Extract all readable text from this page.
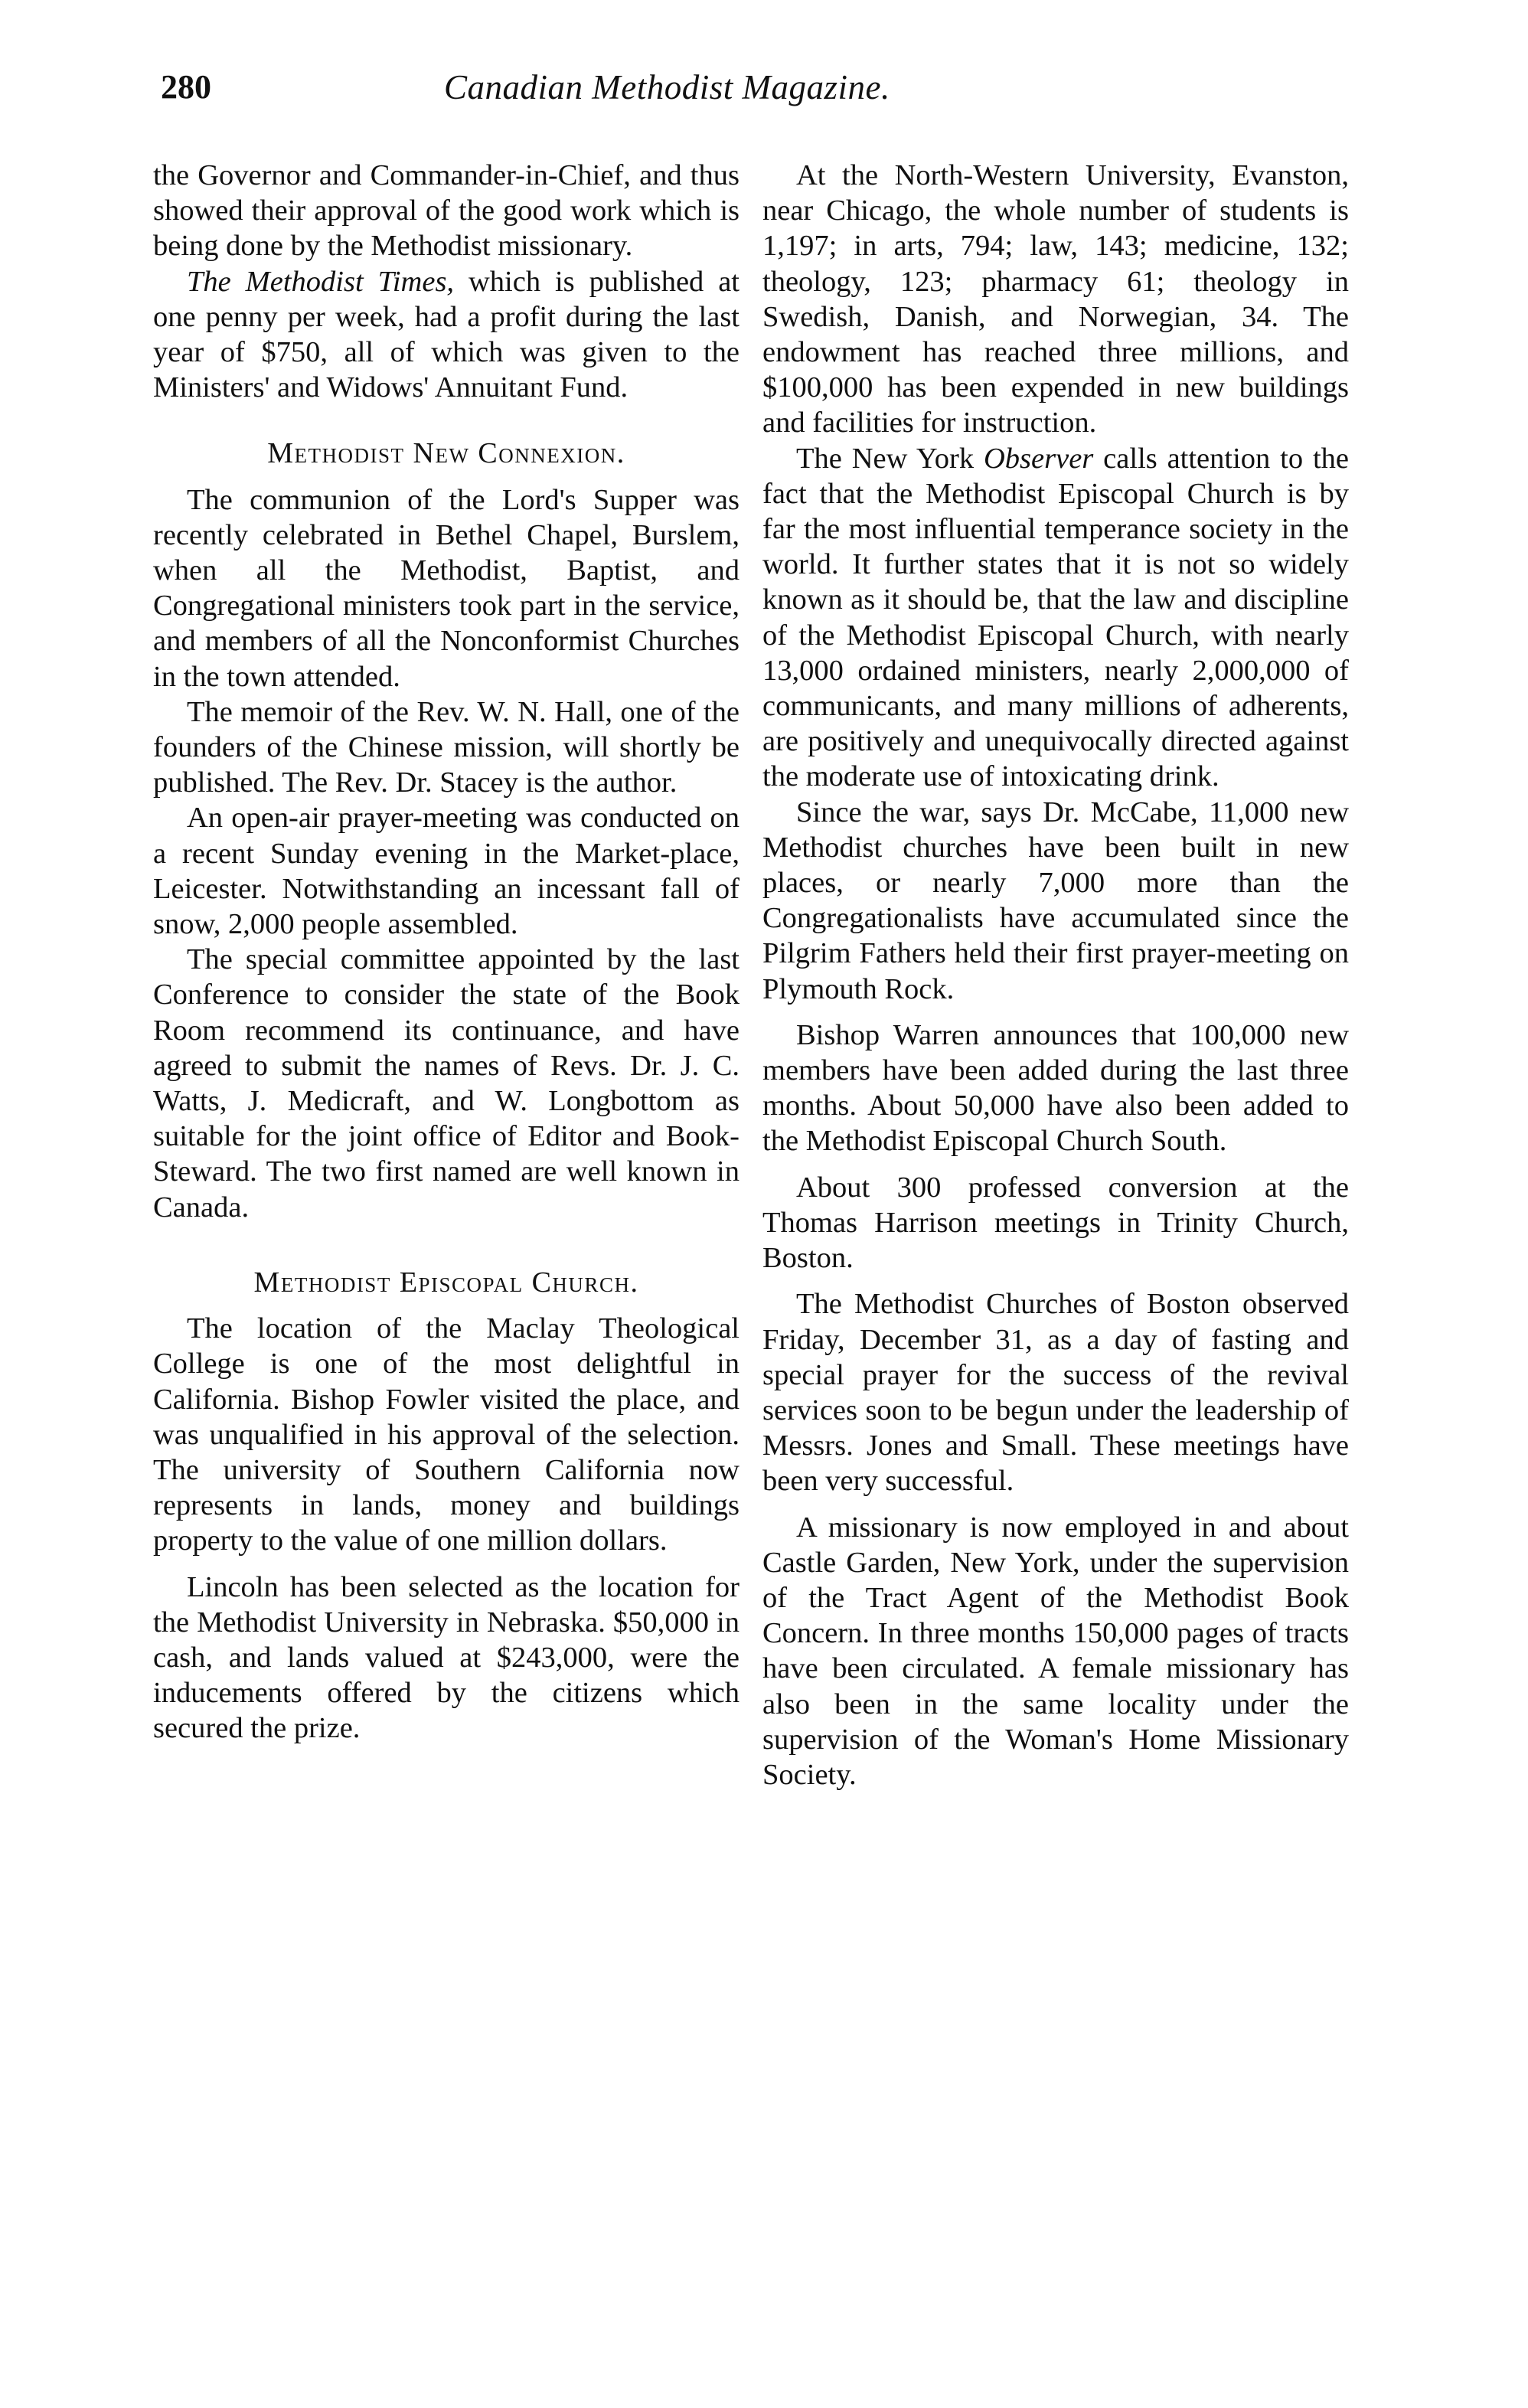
280	Canadian Methodist Magazine.

the Governor and Commander-in-Chief, and thus showed their approval of the good work which is being done by the Methodist missionary.

The Methodist Times, which is published at one penny per week, had a profit during the last year of $750, all of which was given to the Ministers' and Widows' Annuitant Fund.

Methodist New Connexion.

The communion of the Lord's Supper was recently celebrated in Bethel Chapel, Burslem, when all the Methodist, Baptist, and Congregational ministers took part in the service, and members of all the Nonconformist Churches in the town attended.

The memoir of the Rev. W. N. Hall, one of the founders of the Chinese mission, will shortly be published. The Rev. Dr. Stacey is the author.

An open-air prayer-meeting was conducted on a recent Sunday evening in the Market-place, Leicester. Notwithstanding an incessant fall of snow, 2,000 people assembled.

The special committee appointed by the last Conference to consider the state of the Book Room recommend its continuance, and have agreed to submit the names of Revs. Dr. J. C. Watts, J. Medicraft, and W. Longbottom as suitable for the joint office of Editor and Book-Steward. The two first named are well known in Canada.

Methodist Episcopal Church.

The location of the Maclay Theological College is one of the most delightful in California. Bishop Fowler visited the place, and was unqualified in his approval of the selection. The university of Southern California now represents in lands, money and buildings property to the value of one million dollars.

Lincoln has been selected as the location for the Methodist University in Nebraska. $50,000 in cash, and lands valued at $243,000, were the inducements offered by the citizens which secured the prize.

At the North-Western University, Evanston, near Chicago, the whole number of students is 1,197; in arts, 794; law, 143; medicine, 132; theology, 123; pharmacy 61; theology in Swedish, Danish, and Norwegian, 34. The endowment has reached three millions, and $100,000 has been expended in new buildings and facilities for instruction.

The New York Observer calls attention to the fact that the Methodist Episcopal Church is by far the most influential temperance society in the world. It further states that it is not so widely known as it should be, that the law and discipline of the Methodist Episcopal Church, with nearly 13,000 ordained ministers, nearly 2,000,000 of communicants, and many millions of adherents, are positively and unequivocally directed against the moderate use of intoxicating drink.

Since the war, says Dr. McCabe, 11,000 new Methodist churches have been built in new places, or nearly 7,000 more than the Congregationalists have accumulated since the Pilgrim Fathers held their first prayer-meeting on Plymouth Rock.

Bishop Warren announces that 100,000 new members have been added during the last three months. About 50,000 have also been added to the Methodist Episcopal Church South.

About 300 professed conversion at the Thomas Harrison meetings in Trinity Church, Boston.

The Methodist Churches of Boston observed Friday, December 31, as a day of fasting and special prayer for the success of the revival services soon to be begun under the leadership of Messrs. Jones and Small. These meetings have been very successful.

A missionary is now employed in and about Castle Garden, New York, under the supervision of the Tract Agent of the Methodist Book Concern. In three months 150,000 pages of tracts have been circulated. A female missionary has also been in the same locality under the supervision of the Woman's Home Missionary Society.
